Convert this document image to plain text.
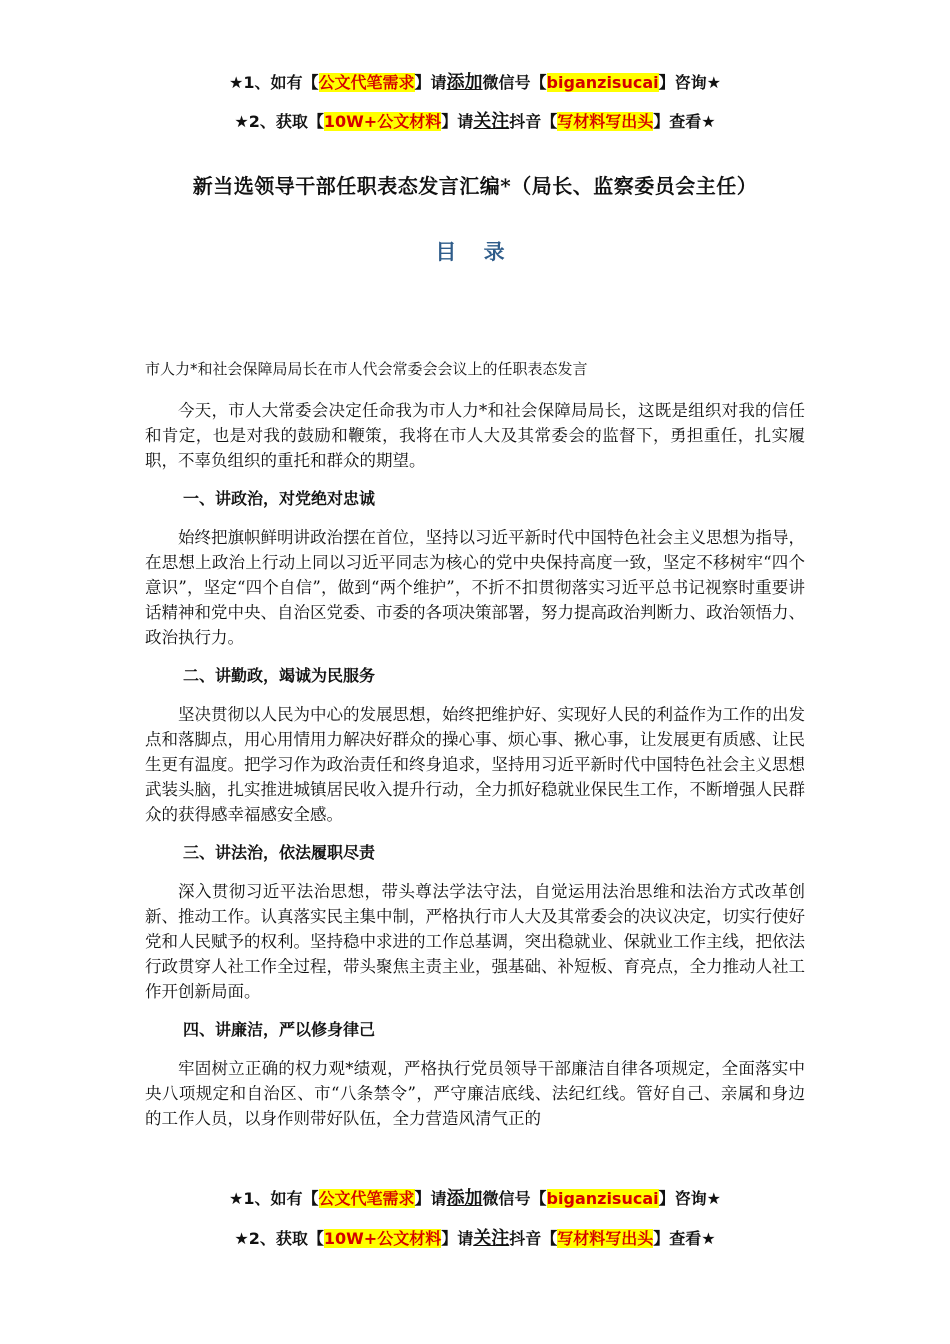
★1、如有【公文代笔需求】请添加微信号【biganzisucai】咨询★
★2、获取【10W+公文材料】请关注抖音【写材料写出头】查看★
新当选领导干部任职表态发言汇编*（局长、监察委员会主任）
目 录
市人力*和社会保障局局长在市人代会常委会会议上的任职表态发言

今天，市人大常委会决定任命我为市人力*和社会保障局局长，这既是组织对我的信任和肯定，也是对我的鼓励和鞭策，我将在市人大及其常委会的监督下，勇担重任，扎实履职，不辜负组织的重托和群众的期望。

一、讲政治，对党绝对忠诚

始终把旗帜鲜明讲政治摆在首位，坚持以习近平新时代中国特色社会主义思想为指导，在思想上政治上行动上同以习近平同志为核心的党中央保持高度一致，坚定不移树牢“四个意识”，坚定“四个自信”，做到“两个维护”，不折不扣贯彻落实习近平总书记视察时重要讲话精神和党中央、自治区党委、市委的各项决策部署，努力提高政治判断力、政治领悟力、政治执行力。

二、讲勤政，竭诚为民服务

坚决贯彻以人民为中心的发展思想，始终把维护好、实现好人民的利益作为工作的出发点和落脚点，用心用情用力解决好群众的操心事、烦心事、揪心事，让发展更有质感、让民生更有温度。把学习作为政治责任和终身追求，坚持用习近平新时代中国特色社会主义思想武装头脑，扎实推进城镇居民收入提升行动，全力抓好稳就业保民生工作，不断增强人民群众的获得感幸福感安全感。

三、讲法治，依法履职尽责

深入贯彻习近平法治思想，带头尊法学法守法，自觉运用法治思维和法治方式改革创新、推动工作。认真落实民主集中制，严格执行市人大及其常委会的决议决定，切实行使好党和人民赋予的权利。坚持稳中求进的工作总基调，突出稳就业、保就业工作主线，把依法行政贯穿人社工作全过程，带头聚焦主责主业，强基础、补短板、育亮点，全力推动人社工作开创新局面。

四、讲廉洁，严以修身律己

牢固树立正确的权力观*绩观，严格执行党员领导干部廉洁自律各项规定，全面落实中央八项规定和自治区、市“八条禁令”，严守廉洁底线、法纪红线。管好自己、亲属和身边的工作人员，以身作则带好队伍，全力营造风清气正的

★1、如有【公文代笔需求】请添加微信号【biganzisucai】咨询★
★2、获取【10W+公文材料】请关注抖音【写材料写出头】查看★
